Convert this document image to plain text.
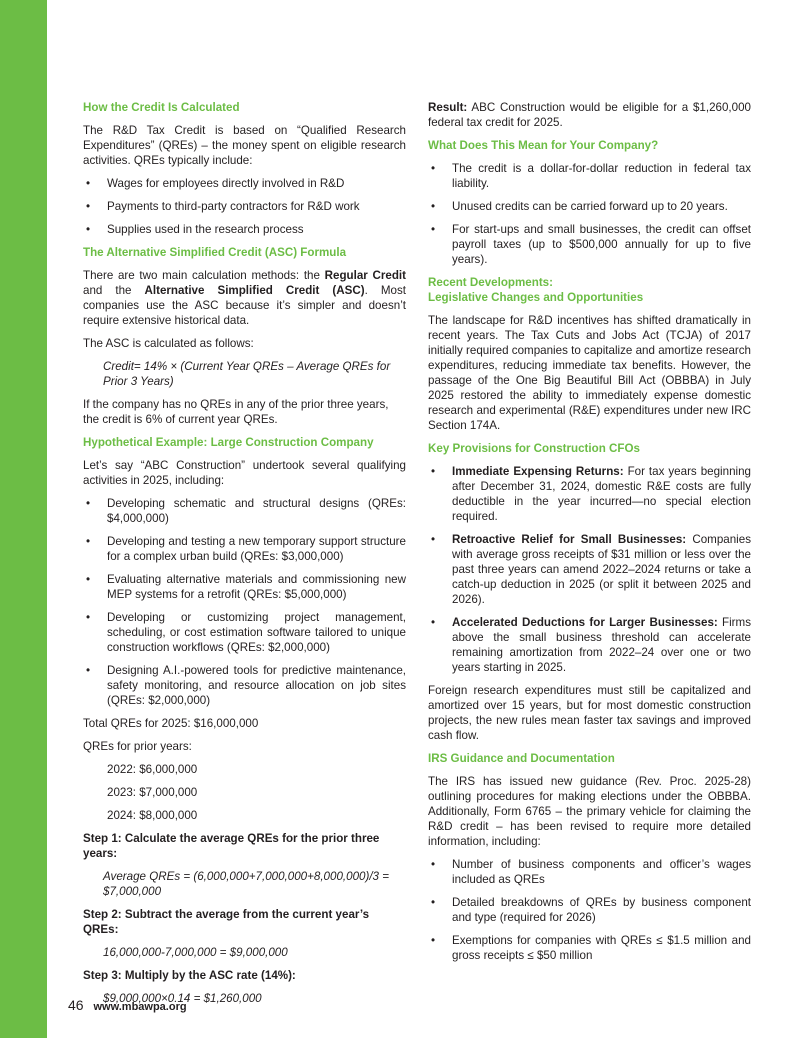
How the Credit Is Calculated

The R&D Tax Credit is based on “Qualified Research Expenditures” (QREs) – the money spent on eligible research activities. QREs typically include:

• Wages for employees directly involved in R&D
• Payments to third-party contractors for R&D work
• Supplies used in the research process
The Alternative Simplified Credit (ASC) Formula

There are two main calculation methods: the Regular Credit and the Alternative Simplified Credit (ASC). Most companies use the ASC because it’s simpler and doesn’t require extensive historical data.

The ASC is calculated as follows:

Credit= 14% × (Current Year QREs – Average QREs for Prior 3 Years)

If the company has no QREs in any of the prior three years, the credit is 6% of current year QREs.

Hypothetical Example: Large Construction Company

Let’s say “ABC Construction” undertook several qualifying activities in 2025, including:

• Developing schematic and structural designs (QREs: $4,000,000)
• Developing and testing a new temporary support structure for a complex urban build (QREs: $3,000,000)
• Evaluating alternative materials and commissioning new MEP systems for a retrofit (QREs: $5,000,000)
• Developing or customizing project management, scheduling, or cost estimation software tailored to unique construction workflows (QREs: $2,000,000)
• Designing A.I.-powered tools for predictive maintenance, safety monitoring, and resource allocation on job sites (QREs: $2,000,000)

Total QREs for 2025: $16,000,000

QREs for prior years:

2022: $6,000,000

2023: $7,000,000

2024: $8,000,000

Step 1: Calculate the average QREs for the prior three years:

Average QREs = (6,000,000+7,000,000+8,000,000)/3 = $7,000,000

Step 2: Subtract the average from the current year’s QREs:

16,000,000-7,000,000 = $9,000,000

Step 3: Multiply by the ASC rate (14%):

$9,000,000×0.14 = $1,260,000

Result: ABC Construction would be eligible for a $1,260,000 federal tax credit for 2025.

What Does This Mean for Your Company?
• The credit is a dollar-for-dollar reduction in federal tax liability.
• Unused credits can be carried forward up to 20 years.
• For start-ups and small businesses, the credit can offset payroll taxes (up to $500,000 annually for up to five years).
Recent Developments:
Legislative Changes and Opportunities

The landscape for R&D incentives has shifted dramatically in recent years. The Tax Cuts and Jobs Act (TCJA) of 2017 initially required companies to capitalize and amortize research expenditures, reducing immediate tax benefits. However, the passage of the One Big Beautiful Bill Act (OBBBA) in July 2025 restored the ability to immediately expense domestic research and experimental (R&E) expenditures under new IRC Section 174A.

Key Provisions for Construction CFOs
• Immediate Expensing Returns: For tax years beginning after December 31, 2024, domestic R&E costs are fully deductible in the year incurred—no special election required.
• Retroactive Relief for Small Businesses: Companies with average gross receipts of $31 million or less over the past three years can amend 2022–2024 returns or take a catch-up deduction in 2025 (or split it between 2025 and 2026).
• Accelerated Deductions for Larger Businesses: Firms above the small business threshold can accelerate remaining amortization from 2022–24 over one or two years starting in 2025.

Foreign research expenditures must still be capitalized and amortized over 15 years, but for most domestic construction projects, the new rules mean faster tax savings and improved cash flow.

IRS Guidance and Documentation

The IRS has issued new guidance (Rev. Proc. 2025-28) outlining procedures for making elections under the OBBBA. Additionally, Form 6765 – the primary vehicle for claiming the R&D credit – has been revised to require more detailed information, including:

• Number of business components and officer’s wages included as QREs
• Detailed breakdowns of QREs by business component and type (required for 2026)
• Exemptions for companies with QREs ≤ $1.5 million and gross receipts ≤ $50 million
46 www.mbawpa.org
